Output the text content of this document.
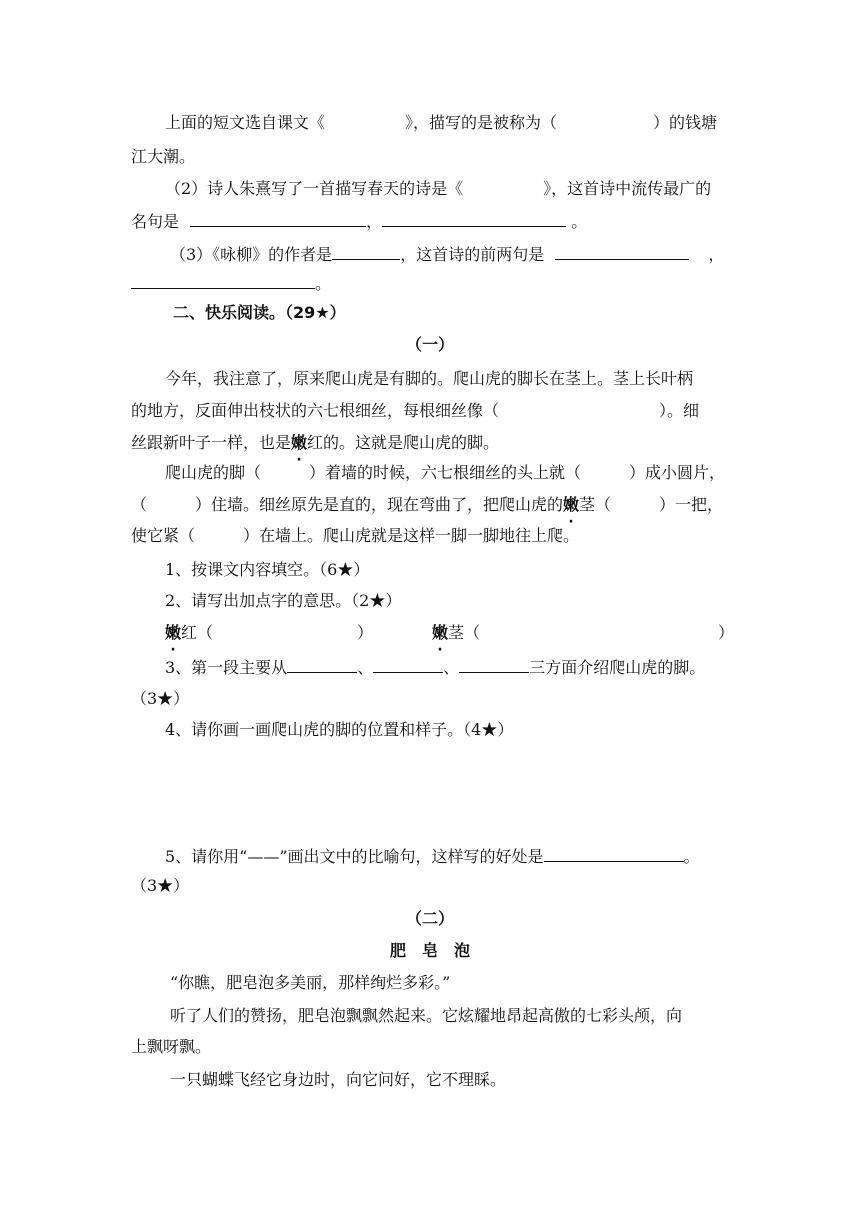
上面的短文选自课文《　　　　　》，描写的是被称为（　　　　　　）的钱塘
江大潮。
（2）诗人朱熹写了一首描写春天的诗是《　　　　　》，这首诗中流传最广的
名句是	，	。
（3）《咏柳》的作者是	，这首诗的前两句是	，
。
二、快乐阅读。（29★）
（一）
今年，我注意了，原来爬山虎是有脚的。爬山虎的脚长在茎上。茎上长叶柄
的地方，反面伸出枝状的六七根细丝，每根细丝像（　　　　　　　　　　）。细
丝跟新叶子一样，也是嫩红的。这就是爬山虎的脚。
爬山虎的脚（　　　）着墙的时候，六七根细丝的头上就（　　　）成小圆片，
（　　　）住墙。细丝原先是直的，现在弯曲了，把爬山虎的嫩茎（　　　）一把，
使它紧（　　　）在墙上。爬山虎就是这样一脚一脚地往上爬。
1、按课文内容填空。（6★）
2、请写出加点字的意思。（2★）
嫩红（　　　　　　　　　）	嫩茎（	）
3、第一段主要从	、	、	三方面介绍爬山虎的脚。
（3★）
4、请你画一画爬山虎的脚的位置和样子。（4★）
5、请你用“——”画出文中的比喻句，这样写的好处是	。
（3★）
（二）
肥　皂　泡
“你瞧，肥皂泡多美丽，那样绚烂多彩。”
听了人们的赞扬，肥皂泡飘飘然起来。它炫耀地昂起高傲的七彩头颅，向
上飘呀飘。
一只蝴蝶飞经它身边时，向它问好，它不理睬。
